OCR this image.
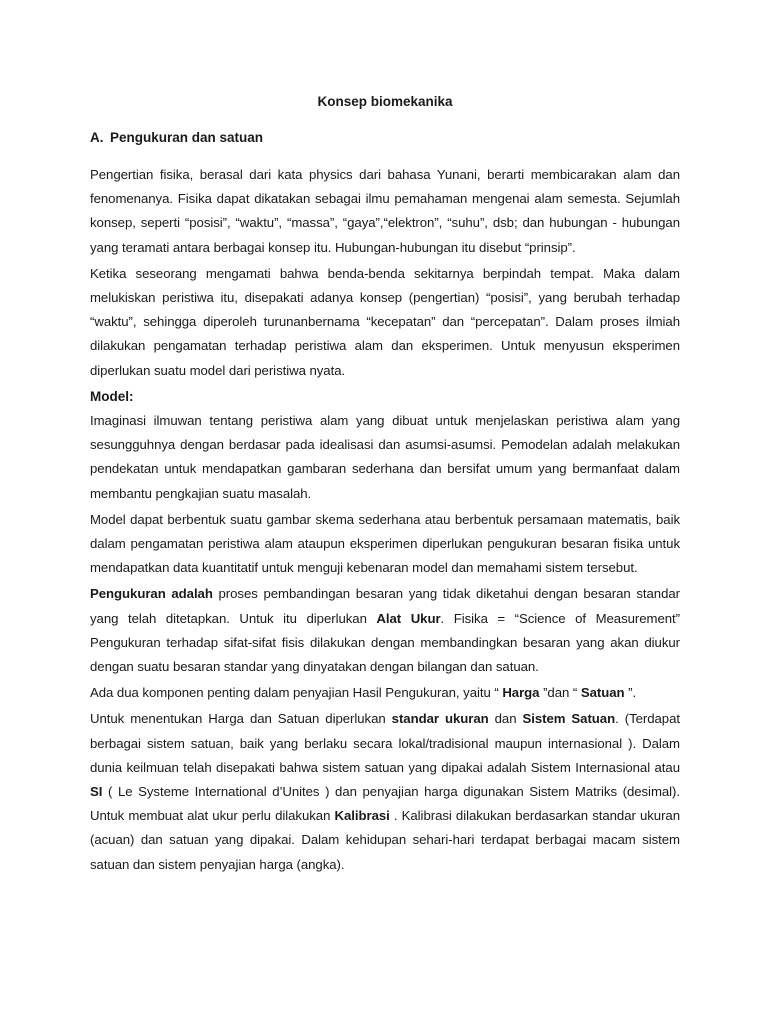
Konsep biomekanika
A. Pengukuran dan satuan

Pengertian fisika, berasal dari kata physics dari bahasa Yunani, berarti membicarakan alam dan fenomenanya. Fisika dapat dikatakan sebagai ilmu pemahaman mengenai alam semesta. Sejumlah konsep, seperti “posisi”, “waktu”, “massa”, “gaya”,“elektron”, “suhu”, dsb; dan hubungan - hubungan yang teramati antara berbagai konsep itu. Hubungan-hubungan itu disebut “prinsip”.

Ketika seseorang mengamati bahwa benda-benda sekitarnya berpindah tempat. Maka dalam melukiskan peristiwa itu, disepakati adanya konsep (pengertian) “posisi”, yang berubah terhadap “waktu”, sehingga diperoleh turunanbernama “kecepatan” dan “percepatan”. Dalam proses ilmiah dilakukan pengamatan terhadap peristiwa alam dan eksperimen. Untuk menyusun eksperimen diperlukan suatu model dari peristiwa nyata.

Model:

Imaginasi ilmuwan tentang peristiwa alam yang dibuat untuk menjelaskan peristiwa alam yang sesungguhnya dengan berdasar pada idealisasi dan asumsi-asumsi. Pemodelan adalah melakukan pendekatan untuk mendapatkan gambaran sederhana dan bersifat umum yang bermanfaat dalam membantu pengkajian suatu masalah.

Model dapat berbentuk suatu gambar skema sederhana atau berbentuk persamaan matematis, baik dalam pengamatan peristiwa alam ataupun eksperimen diperlukan pengukuran besaran fisika untuk mendapatkan data kuantitatif untuk menguji kebenaran model dan memahami sistem tersebut.

Pengukuran adalah proses pembandingan besaran yang tidak diketahui dengan besaran standar yang telah ditetapkan. Untuk itu diperlukan Alat Ukur. Fisika = “Science of Measurement” Pengukuran terhadap sifat-sifat fisis dilakukan dengan membandingkan besaran yang akan diukur dengan suatu besaran standar yang dinyatakan dengan bilangan dan satuan.

Ada dua komponen penting dalam penyajian Hasil Pengukuran, yaitu “ Harga ”dan “ Satuan ”.

Untuk menentukan Harga dan Satuan diperlukan standar ukuran dan Sistem Satuan. (Terdapat berbagai sistem satuan, baik yang berlaku secara lokal/tradisional maupun internasional ). Dalam dunia keilmuan telah disepakati bahwa sistem satuan yang dipakai adalah Sistem Internasional atau SI ( Le Systeme International d’Unites ) dan penyajian harga digunakan Sistem Matriks (desimal). Untuk membuat alat ukur perlu dilakukan Kalibrasi . Kalibrasi dilakukan berdasarkan standar ukuran (acuan) dan satuan yang dipakai. Dalam kehidupan sehari-hari terdapat berbagai macam sistem satuan dan sistem penyajian harga (angka).
